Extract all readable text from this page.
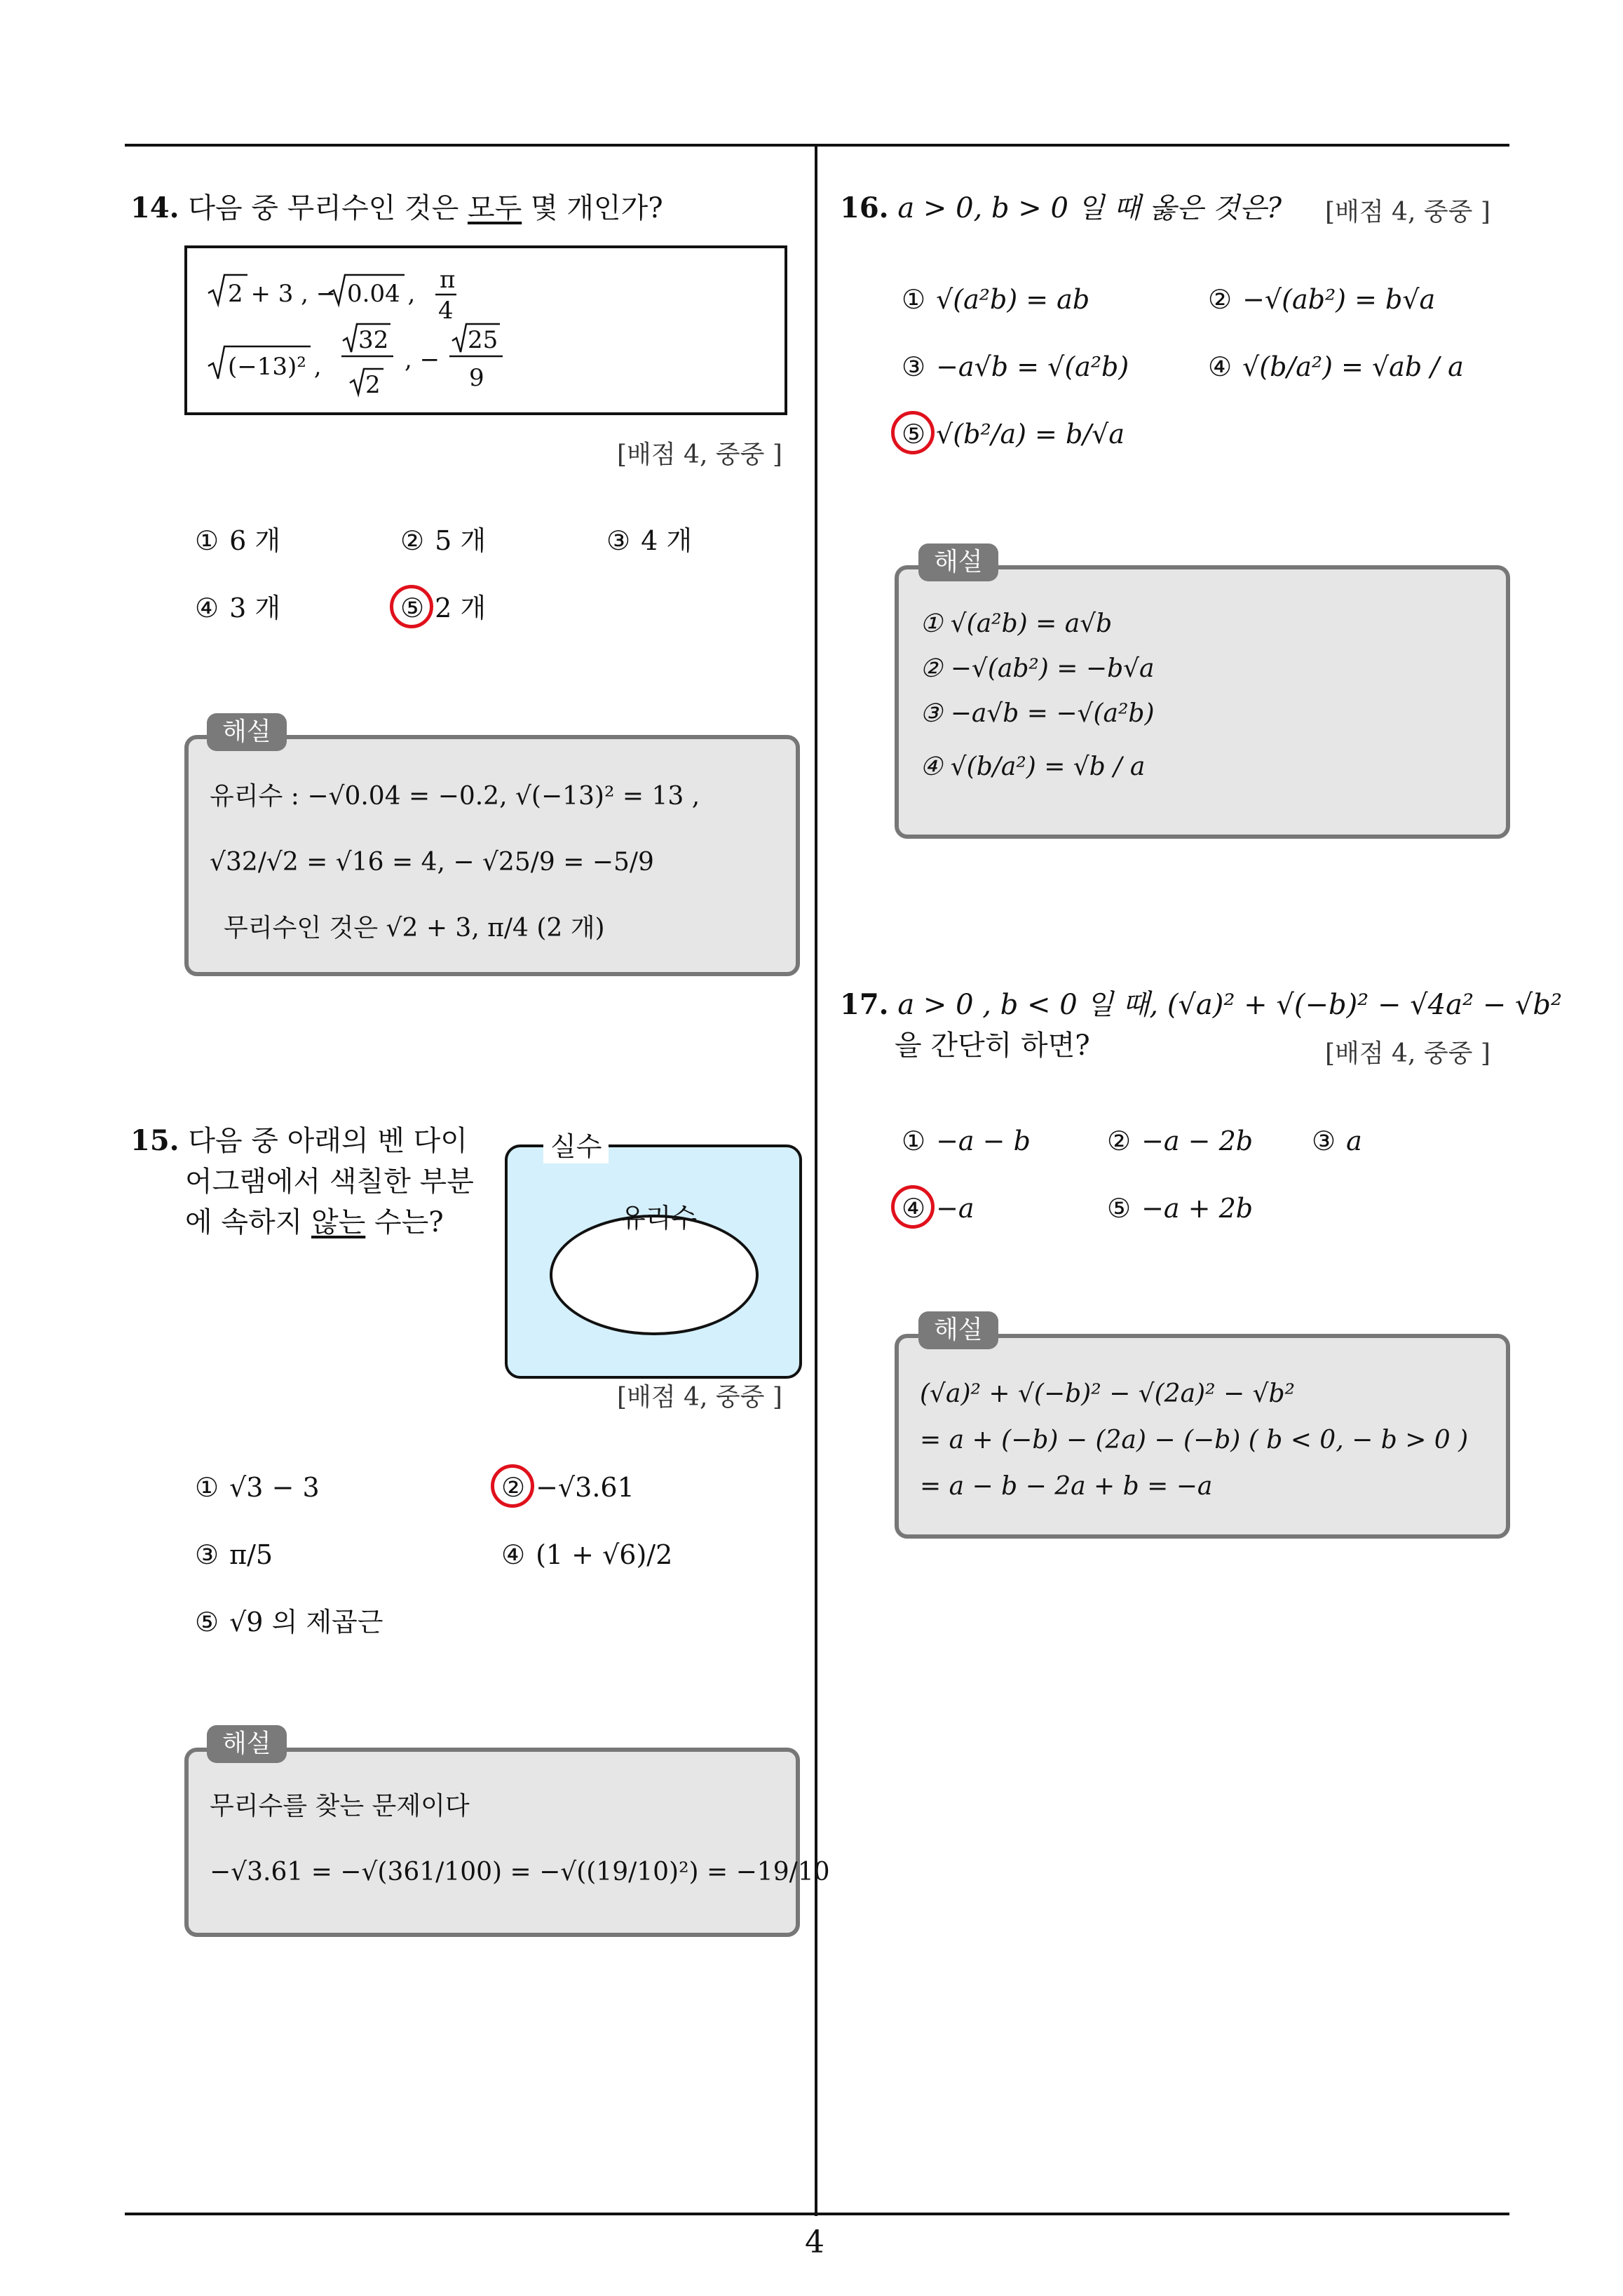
14. 다음 중 무리수인 것은 모두 몇 개인가?
2 + 3 , − 0.04 , π
4
(−13)² ,
32
2
, −
25
9
[배점 4, 중중 ]
① 6 개	② 5 개	③ 4 개
④ 3 개	⑤ 2 개
유리수 : −√0.04 = −0.2, √(−13)² = 13 ,
√32/√2 = √16 = 4, − √25/9 = −5/9
무리수인 것은 √2 + 3, π/4 (2 개)
해설
15. 다음 중 아래의 벤 다이
어그램에서 색칠한 부분
에 속하지 않는 수는?	유리수
실수
[배점 4, 중중 ]
① √3 − 3	② −√3.61
③ π/5	④ (1 + √6)/2
⑤ √9 의 제곱근
무리수를 찾는 문제이다
−√3.61 = −√(361/100) = −√((19/10)²) = −19/10
해설
16. a > 0, b > 0 일 때 옳은 것은? [배점 4, 중중 ]
① √(a²b) = ab	② −√(ab²) = b√a
③ −a√b = √(a²b)	④ √(b/a²) = √ab / a
⑤ √(b²/a) = b/√a
① √(a²b) = a√b
② −√(ab²) = −b√a
③ −a√b = −√(a²b)
④ √(b/a²) = √b / a
해설
17. a > 0 , b < 0 일 때, (√a)² + √(−b)² − √4a² − √b²
을 간단히 하면?	[배점 4, 중중 ]
① −a − b	② −a − 2b ③ a
④ −a	⑤ −a + 2b
(√a)² + √(−b)² − √(2a)² − √b²
= a + (−b) − (2a) − (−b) ( b < 0, − b > 0 )
= a − b − 2a + b = −a
해설
4
